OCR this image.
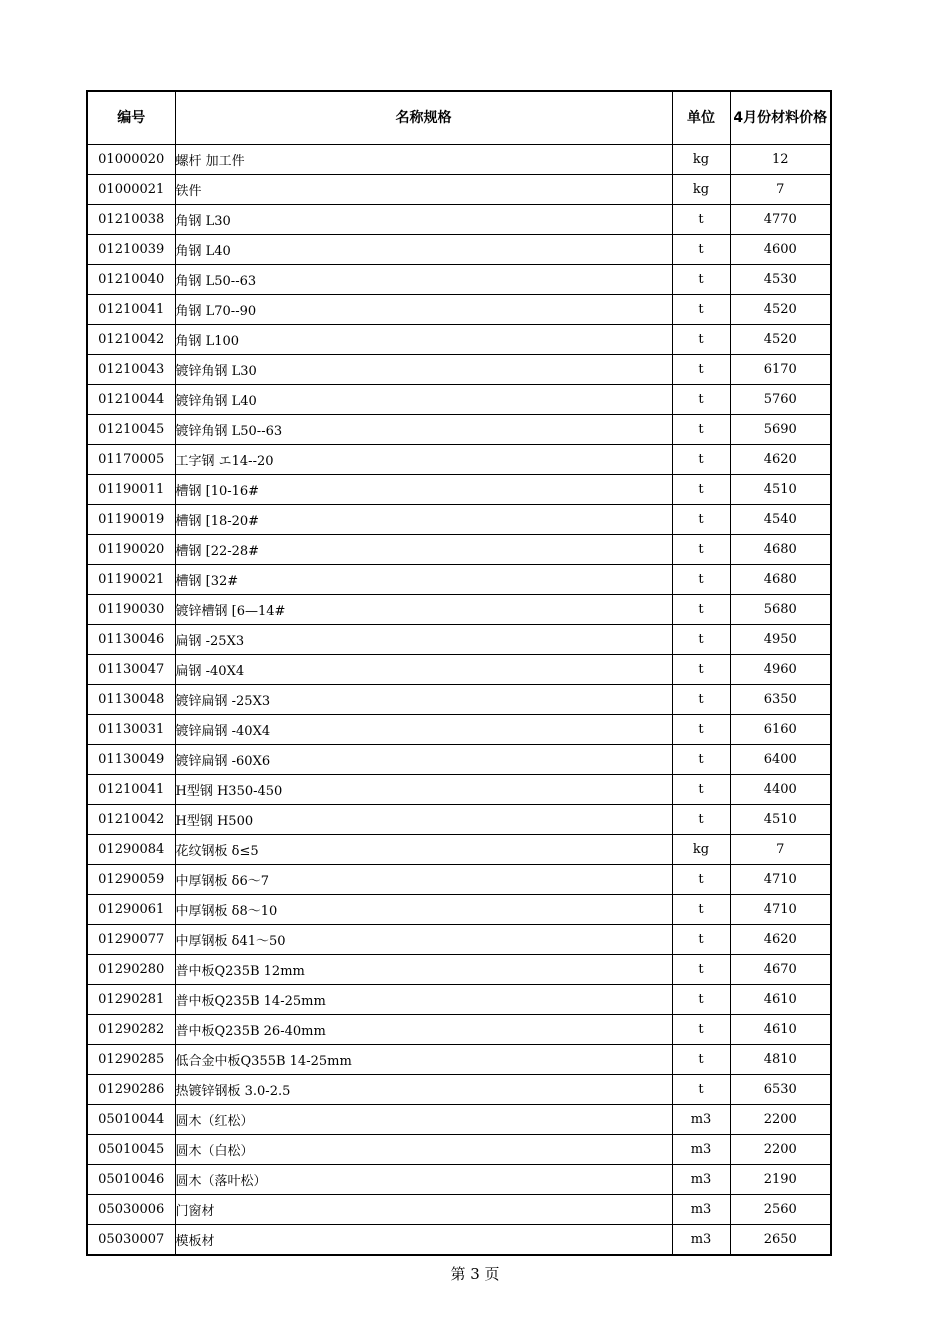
编号	名称规格	单位	4月份材料价格
01000020	螺杆 加工件	kg	12
01000021	铁件	kg	7
01210038	角钢 L30	t	4770
01210039	角钢 L40	t	4600
01210040	角钢 L50--63	t	4530
01210041	角钢 L70--90	t	4520
01210042	角钢 L100	t	4520
01210043	镀锌角钢 L30	t	6170
01210044	镀锌角钢 L40	t	5760
01210045	镀锌角钢 L50--63	t	5690
01170005	工字钢 エ14--20	t	4620
01190011	槽钢 [10-16#	t	4510
01190019	槽钢 [18-20#	t	4540
01190020	槽钢 [22-28#	t	4680
01190021	槽钢 [32#	t	4680
01190030	镀锌槽钢 [6—14#	t	5680
01130046	扁钢 -25X3	t	4950
01130047	扁钢 -40X4	t	4960
01130048	镀锌扁钢 -25X3	t	6350
01130031	镀锌扁钢 -40X4	t	6160
01130049	镀锌扁钢 -60X6	t	6400
01210041	H型钢 H350-450	t	4400
01210042	H型钢 H500	t	4510
01290084	花纹钢板 δ≤5	kg	7
01290059	中厚钢板 δ6～7	t	4710
01290061	中厚钢板 δ8～10	t	4710
01290077	中厚钢板 δ41～50	t	4620
01290280	普中板Q235B 12mm	t	4670
01290281	普中板Q235B 14-25mm	t	4610
01290282	普中板Q235B 26-40mm	t	4610
01290285	低合金中板Q355B 14-25mm	t	4810
01290286	热镀锌钢板 3.0-2.5	t	6530
05010044	圆木（红松）	m3	2200
05010045	圆木（白松）	m3	2200
05010046	圆木（落叶松）	m3	2190
05030006	门窗材	m3	2560
05030007	模板材	m3	2650
第 3 页
